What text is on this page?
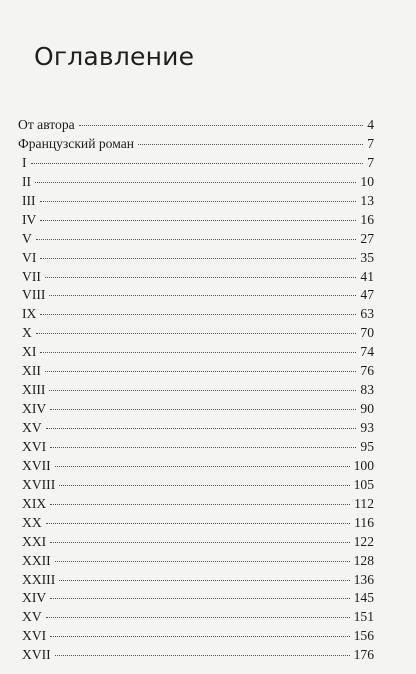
Оглавление
От автора	4
Французский роман	7
I	7
II	10
III	13
IV	16
V	27
VI	35
VII	41
VIII	47
IX	63
X	70
XI	74
XII	76
XIII	83
XIV	90
XV	93
XVI	95
XVII	100
XVIII	105
XIX	112
XX	116
XXI	122
XXII	128
XXIII	136
XIV	145
XV	151
XVI	156
XVII	176
